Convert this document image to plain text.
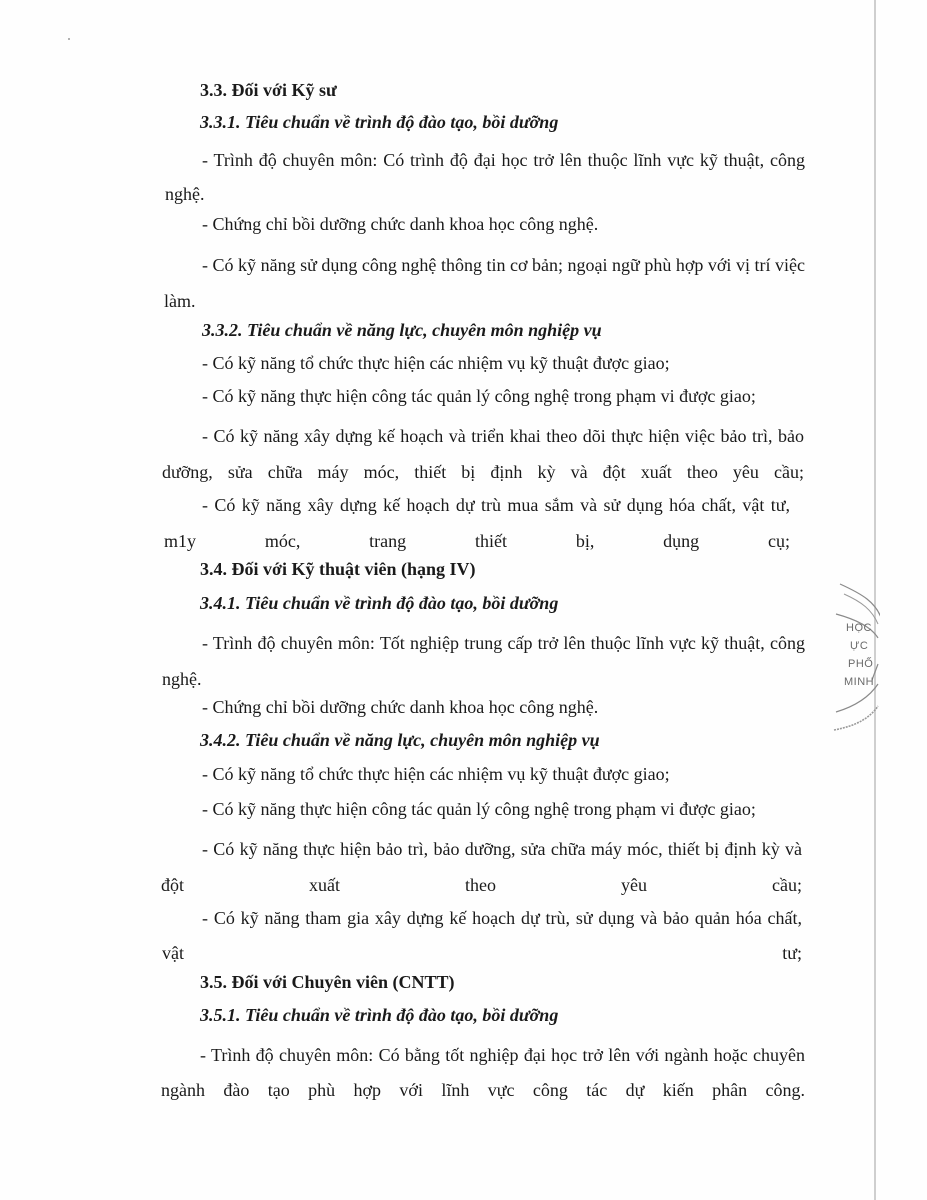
3.3. Đối với Kỹ sư
3.3.1. Tiêu chuẩn về trình độ đào tạo, bồi dưỡng
- Trình độ chuyên môn: Có trình độ đại học trở lên thuộc lĩnh vực kỹ thuật, công nghệ.
- Chứng chỉ bồi dưỡng chức danh khoa học công nghệ.
- Có kỹ năng sử dụng công nghệ thông tin cơ bản; ngoại ngữ phù hợp với vị trí việc làm.
3.3.2. Tiêu chuẩn về năng lực, chuyên môn nghiệp vụ
- Có kỹ năng tổ chức thực hiện các nhiệm vụ kỹ thuật được giao;
- Có kỹ năng thực hiện công tác quản lý công nghệ trong phạm vi được giao;
- Có kỹ năng xây dựng kế hoạch và triển khai theo dõi thực hiện việc bảo trì, bảo dưỡng, sửa chữa máy móc, thiết bị định kỳ và đột xuất theo yêu cầu;
- Có kỹ năng xây dựng kế hoạch dự trù mua sắm và sử dụng hóa chất, vật tư, m1y móc, trang thiết bị, dụng cụ;
3.4. Đối với Kỹ thuật viên (hạng IV)
3.4.1. Tiêu chuẩn về trình độ đào tạo, bồi dưỡng
- Trình độ chuyên môn: Tốt nghiệp trung cấp trở lên thuộc lĩnh vực kỹ thuật, công nghệ.
- Chứng chỉ bồi dưỡng chức danh khoa học công nghệ.
3.4.2. Tiêu chuẩn về năng lực, chuyên môn nghiệp vụ
- Có kỹ năng tổ chức thực hiện các nhiệm vụ kỹ thuật được giao;
- Có kỹ năng thực hiện công tác quản lý công nghệ trong phạm vi được giao;
- Có kỹ năng thực hiện bảo trì, bảo dưỡng, sửa chữa máy móc, thiết bị định kỳ và đột xuất theo yêu cầu;
- Có kỹ năng tham gia xây dựng kế hoạch dự trù, sử dụng và bảo quản hóa chất, vật tư;
3.5. Đối với Chuyên viên (CNTT)
3.5.1. Tiêu chuẩn về trình độ đào tạo, bồi dưỡng
- Trình độ chuyên môn: Có bằng tốt nghiệp đại học trở lên với ngành hoặc chuyên ngành đào tạo phù hợp với lĩnh vực công tác dự kiến phân công.
HỌC
ỰC
PHỐ
MINH
